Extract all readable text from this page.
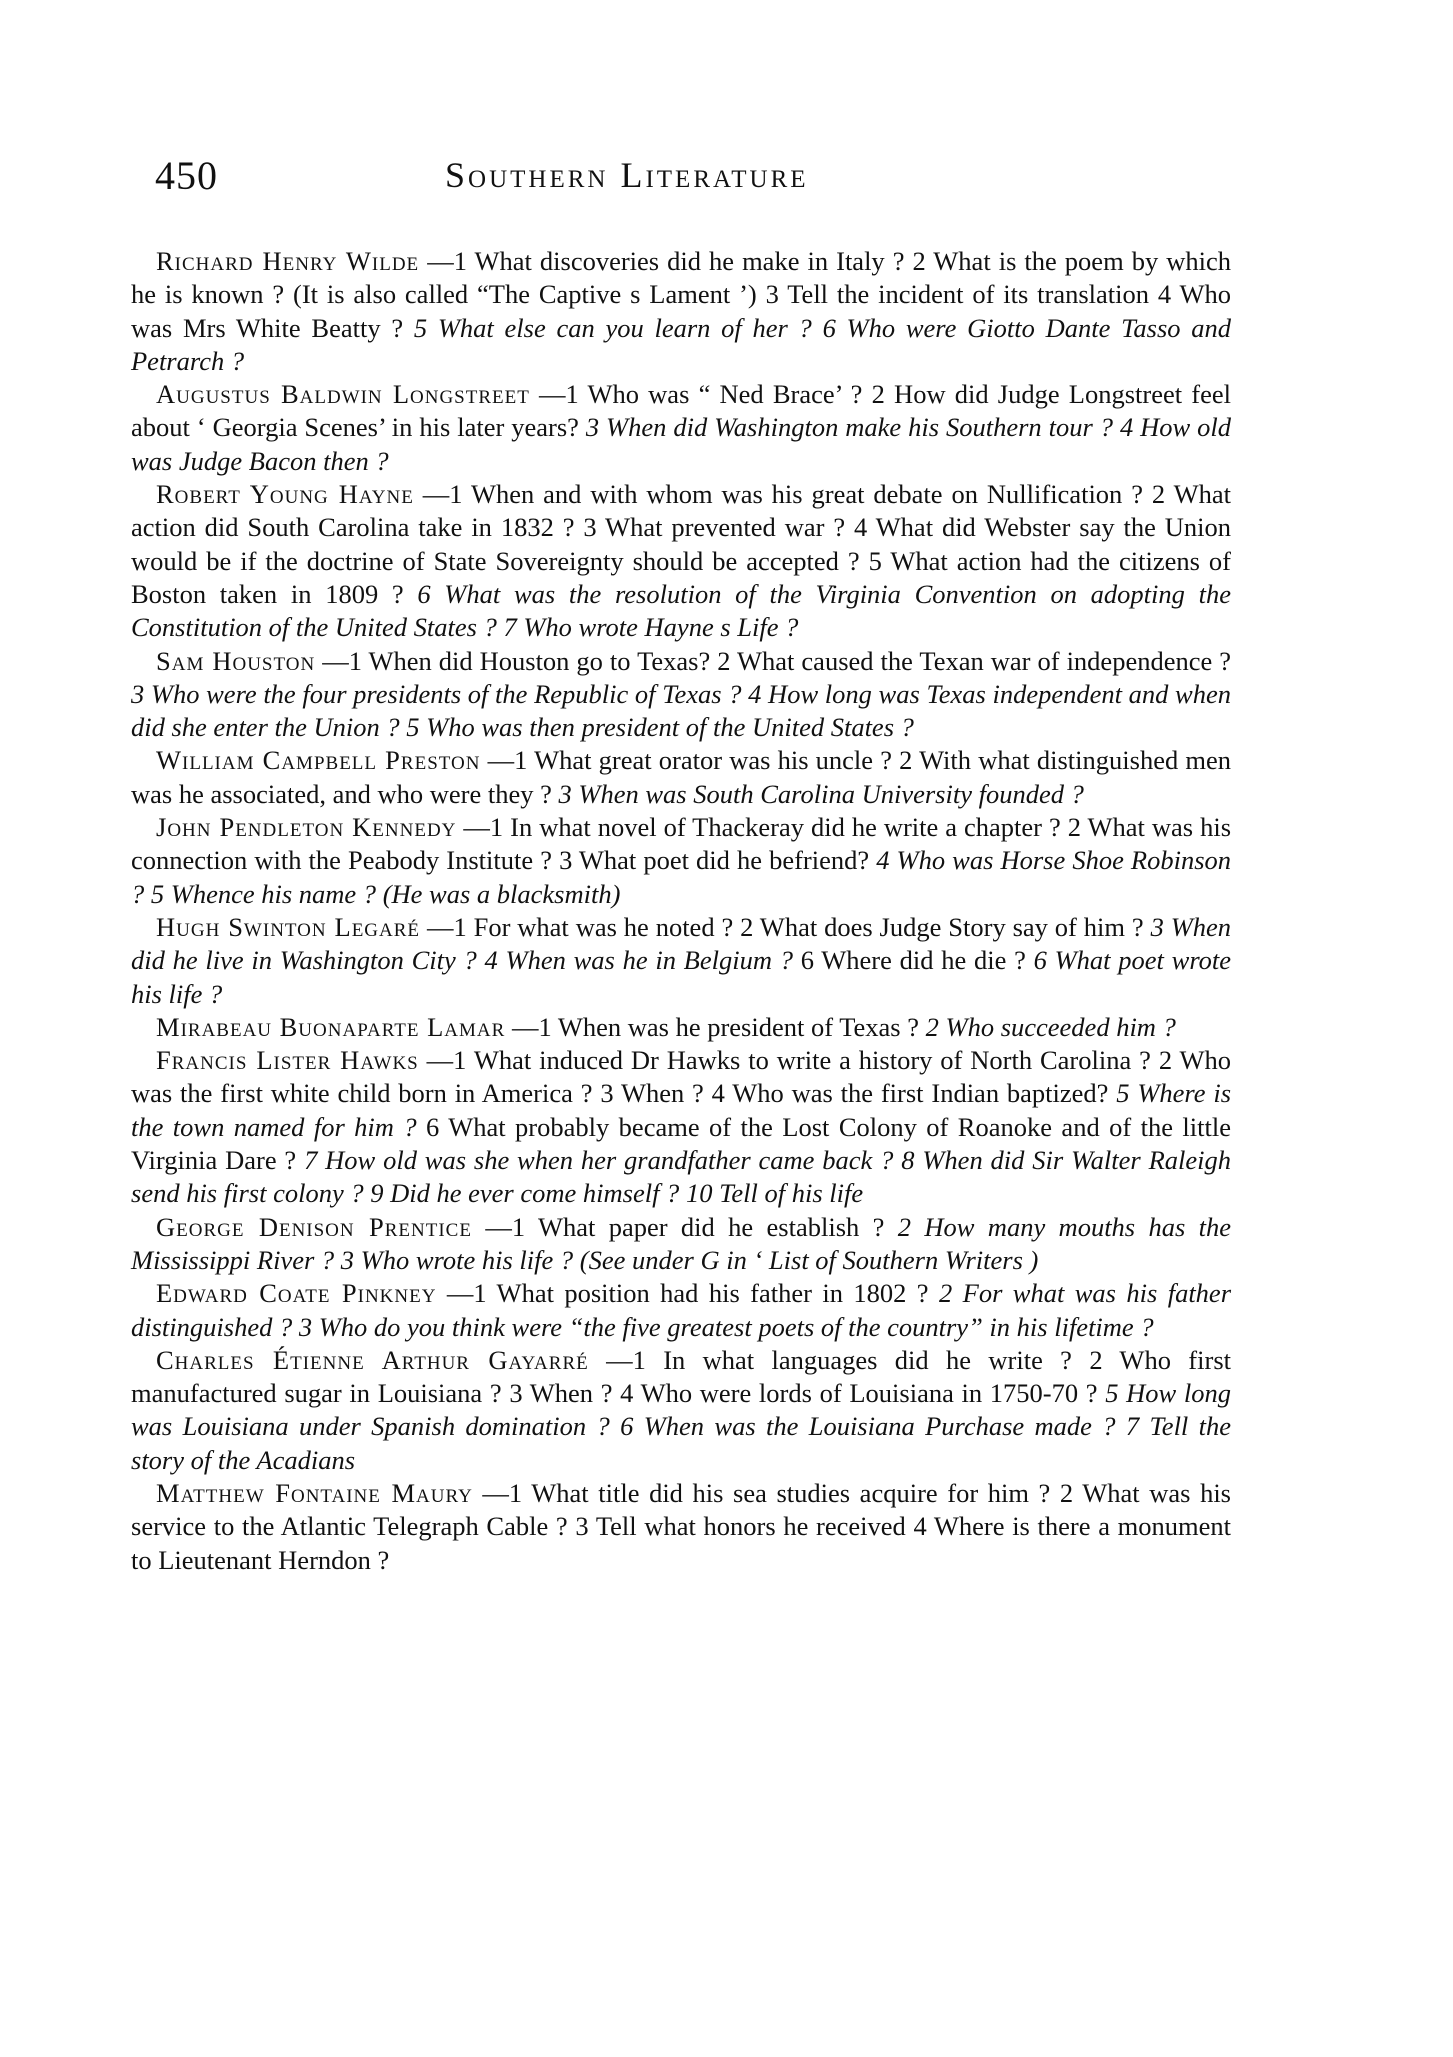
450	Southern Literature

Richard Henry Wilde —1 What discoveries did he make in Italy ? 2 What is the poem by which he is known ? (It is also called “The Captive s Lament ’) 3 Tell the incident of its translation 4 Who was Mrs White Beatty ? 5 What else can you learn of her ? 6 Who were Giotto Dante Tasso and Petrarch ?

Augustus Baldwin Longstreet —1 Who was “ Ned Brace’ ? 2 How did Judge Longstreet feel about ‘ Georgia Scenes’ in his later years? 3 When did Washington make his Southern tour ? 4 How old was Judge Bacon then ?

Robert Young Hayne —1 When and with whom was his great debate on Nullification ? 2 What action did South Carolina take in 1832 ? 3 What prevented war ? 4 What did Webster say the Union would be if the doctrine of State Sovereignty should be accepted ? 5 What action had the citizens of Boston taken in 1809 ? 6 What was the resolution of the Virginia Convention on adopting the Constitution of the United States ? 7 Who wrote Hayne s Life ?

Sam Houston —1 When did Houston go to Texas? 2 What caused the Texan war of independence ? 3 Who were the four presidents of the Republic of Texas ? 4 How long was Texas independent and when did she enter the Union ? 5 Who was then president of the United States ?

William Campbell Preston —1 What great orator was his uncle ? 2 With what distinguished men was he associated, and who were they ? 3 When was South Carolina University founded ?

John Pendleton Kennedy —1 In what novel of Thackeray did he write a chapter ? 2 What was his connection with the Peabody Institute ? 3 What poet did he befriend? 4 Who was Horse Shoe Robinson ? 5 Whence his name ? (He was a blacksmith)

Hugh Swinton Legaré —1 For what was he noted ? 2 What does Judge Story say of him ? 3 When did he live in Washington City ? 4 When was he in Belgium ? 6 Where did he die ? 6 What poet wrote his life ?

Mirabeau Buonaparte Lamar —1 When was he president of Texas ? 2 Who succeeded him ?

Francis Lister Hawks —1 What induced Dr Hawks to write a history of North Carolina ? 2 Who was the first white child born in America ? 3 When ? 4 Who was the first Indian baptized? 5 Where is the town named for him ? 6 What probably became of the Lost Colony of Roanoke and of the little Virginia Dare ? 7 How old was she when her grandfather came back ? 8 When did Sir Walter Raleigh send his first colony ? 9 Did he ever come himself ? 10 Tell of his life

George Denison Prentice —1 What paper did he establish ? 2 How many mouths has the Mississippi River ? 3 Who wrote his life ? (See under G in ‘ List of Southern Writers )

Edward Coate Pinkney —1 What position had his father in 1802 ? 2 For what was his father distinguished ? 3 Who do you think were “the five greatest poets of the country” in his lifetime ?

Charles Étienne Arthur Gayarré —1 In what languages did he write ? 2 Who first manufactured sugar in Louisiana ? 3 When ? 4 Who were lords of Louisiana in 1750-70 ? 5 How long was Louisiana under Spanish domination ? 6 When was the Louisiana Purchase made ? 7 Tell the story of the Acadians

Matthew Fontaine Maury —1 What title did his sea studies acquire for him ? 2 What was his service to the Atlantic Telegraph Cable ? 3 Tell what honors he received 4 Where is there a monument to Lieutenant Herndon ?
